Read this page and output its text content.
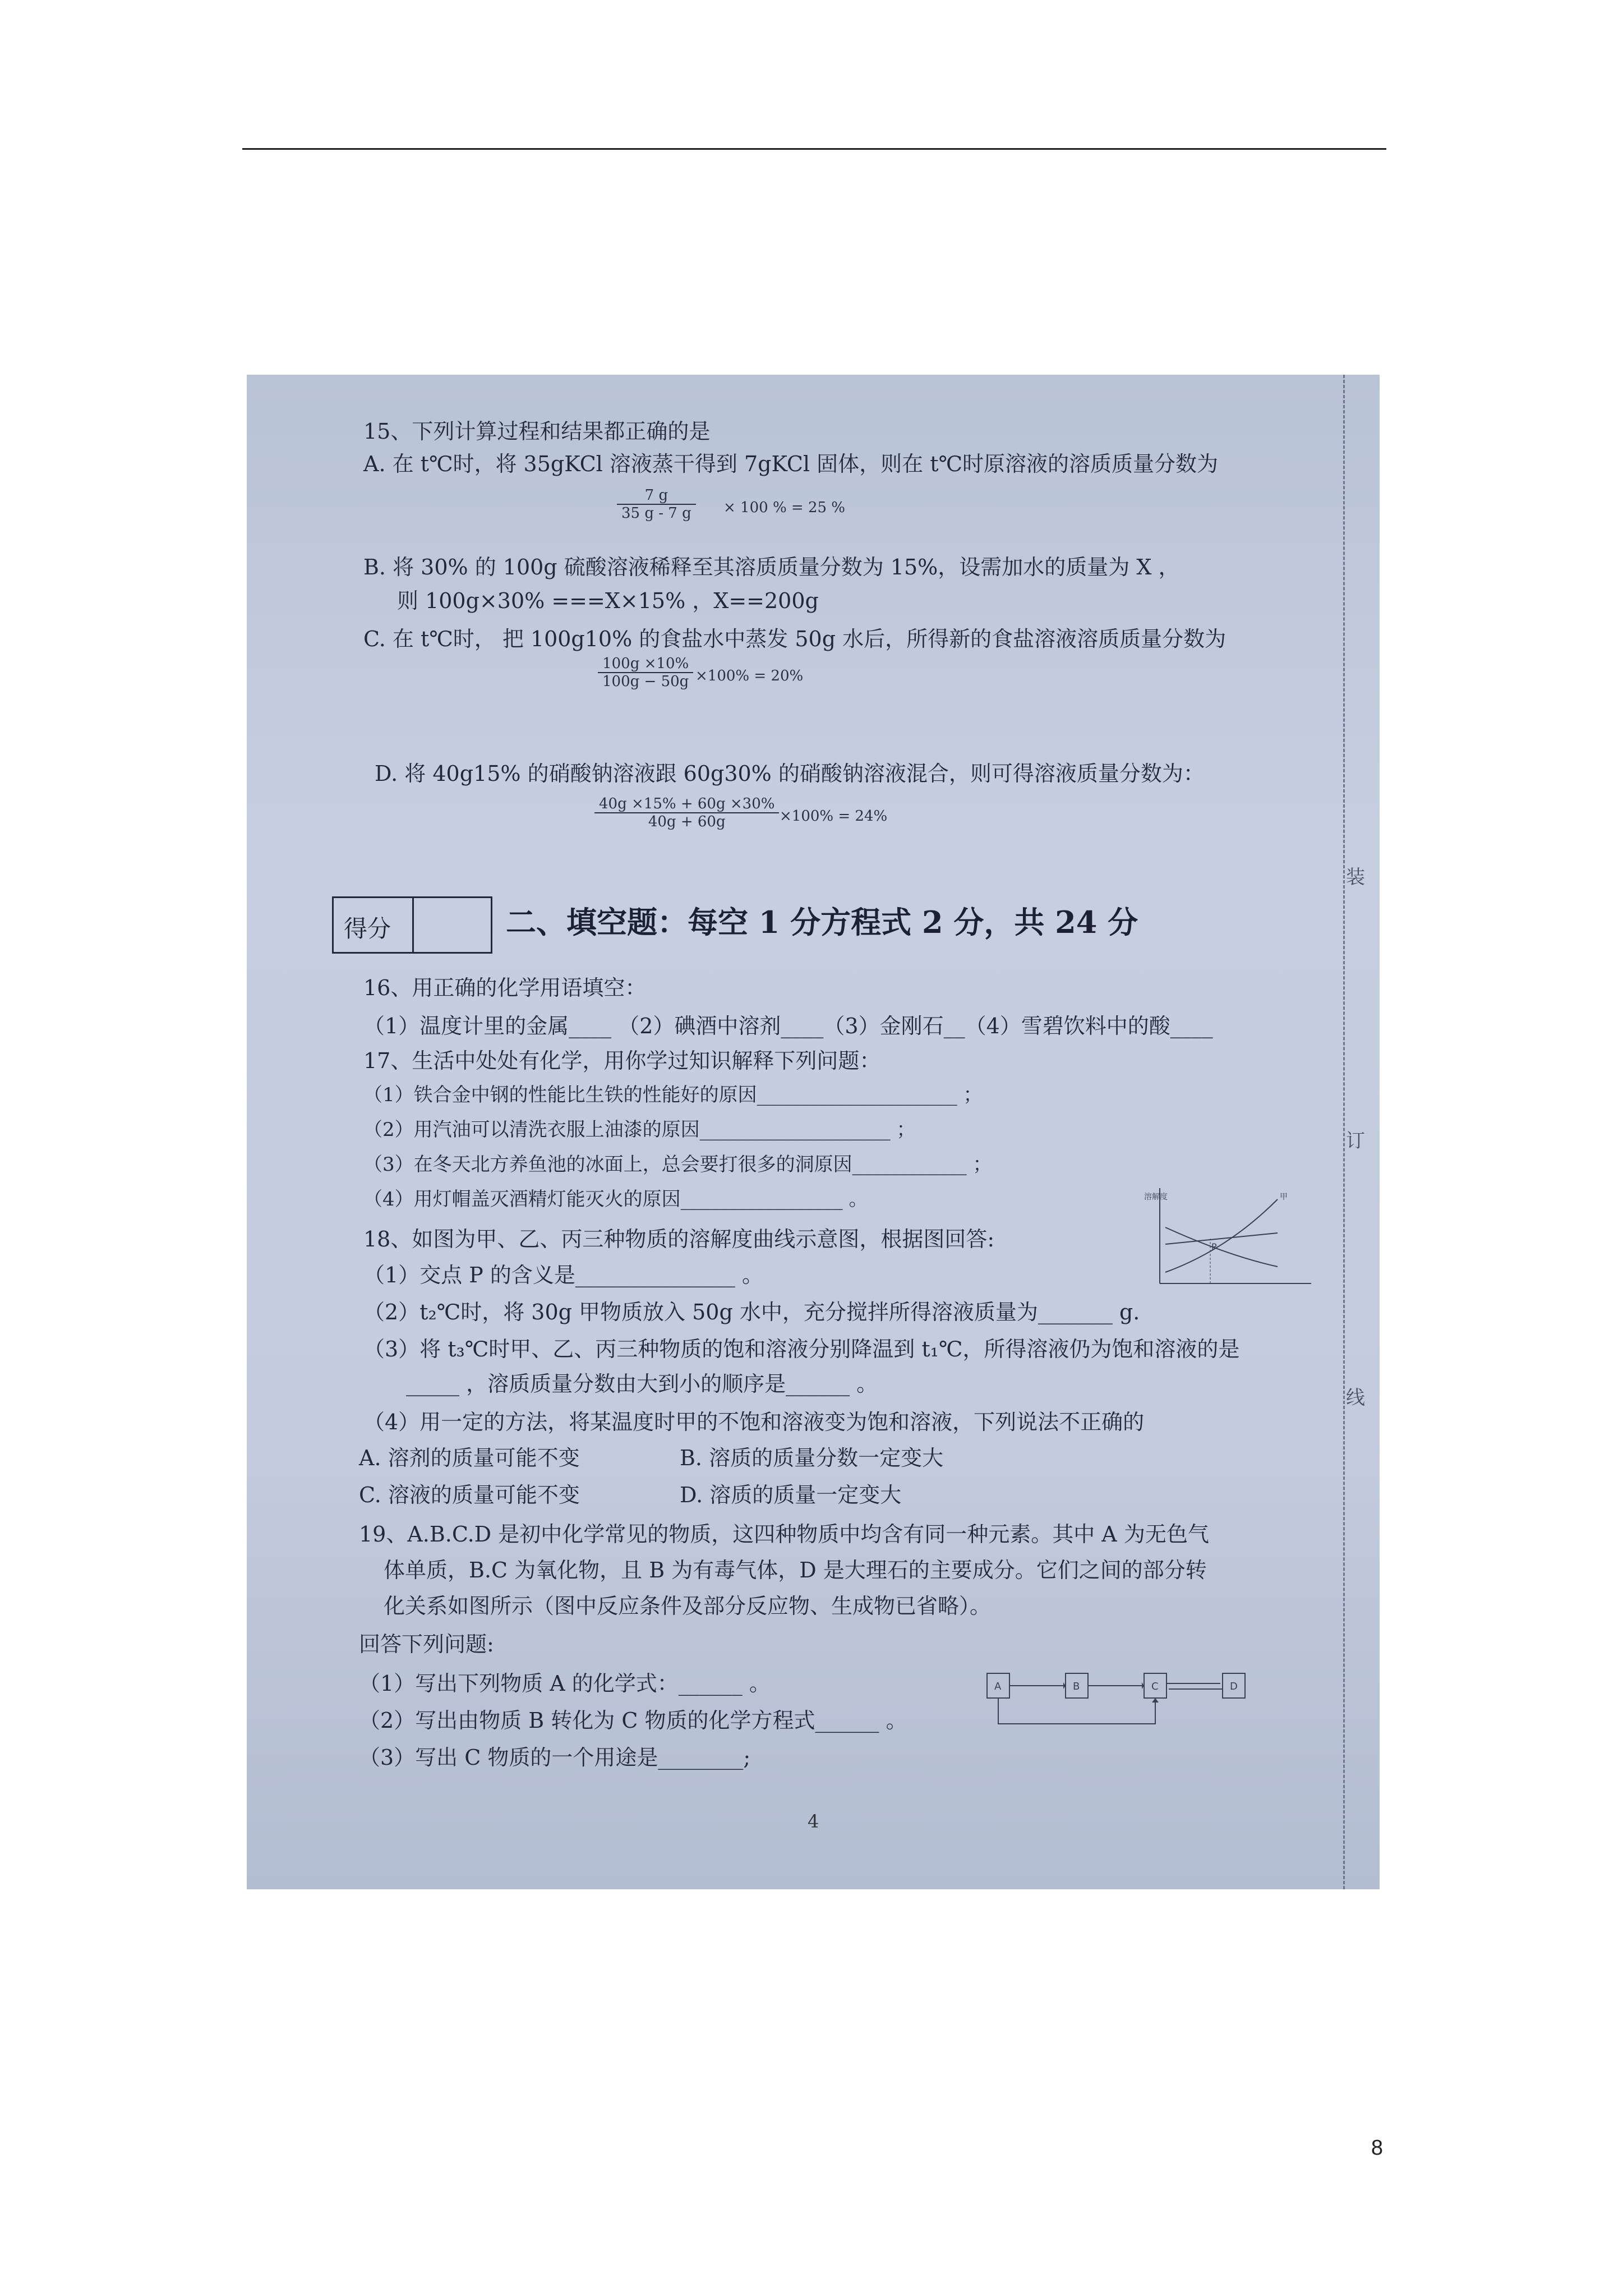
装
订
线
15、下列计算过程和结果都正确的是
A. 在 t℃时，将 35gKCl 溶液蒸干得到 7gKCl 固体，则在 t℃时原溶液的溶质质量分数为
$\frac{7 g}{35 g - 7 g} \times 100$ % = 25 %
B. 将 30% 的 100g 硫酸溶液稀释至其溶质质量分数为 15%，设需加水的质量为 X ，
则 100g×30% ===X×15% ，X==200g
C. 在 t℃时， 把 100g10% 的食盐水中蒸发 50g 水后，所得新的食盐溶液溶质质量分数为
$\frac{100g \times 10\%}{100g - 50g} \times 100\% = 20\%$
D. 将 40g15% 的硝酸钠溶液跟 60g30% 的硝酸钠溶液混合，则可得溶液质量分数为：
$\frac{40g \times 15\% + 60g \times 30\%}{40g + 60g} \times 100\% = 24\%$
得分	二、填空题：每空 1 分方程式 2 分，共 24 分
16、用正确的化学用语填空：
（1）温度计里的金属____ （2）碘酒中溶剂____（3）金刚石__（4）雪碧饮料中的酸____
17、生活中处处有化学，用你学过知识解释下列问题：
（1）铁合金中钢的性能比生铁的性能好的原因_____________________ ；
（2）用汽油可以清洗衣服上油漆的原因____________________ ；
（3）在冬天北方养鱼池的冰面上，总会要打很多的洞原因____________ ；
（4）用灯帽盖灭酒精灯能灭火的原因_________________ 。	溶解度
P
甲
18、如图为甲、乙、丙三种物质的溶解度曲线示意图，根据图回答:
（1）交点 P 的含义是_______________ 。
（2）t₂℃时，将 30g 甲物质放入 50g 水中，充分搅拌所得溶液质量为_______ g.
（3）将 t₃℃时甲、乙、丙三种物质的饱和溶液分别降温到 t₁℃，所得溶液仍为饱和溶液的是
_____ ，溶质质量分数由大到小的顺序是______ 。
（4）用一定的方法，将某温度时甲的不饱和溶液变为饱和溶液，下列说法不正确的
A. 溶剂的质量可能不变	B. 溶质的质量分数一定变大
C. 溶液的质量可能不变	D. 溶质的质量一定变大
19、A.B.C.D 是初中化学常见的物质，这四种物质中均含有同一种元素。其中 A 为无色气
体单质，B.C 为氧化物，且 B 为有毒气体，D 是大理石的主要成分。它们之间的部分转
化关系如图所示（图中反应条件及部分反应物、生成物已省略）。
回答下列问题:
A	B	C	D
（1）写出下列物质 A 的化学式：______ 。
（2）写出由物质 B 转化为 C 物质的化学方程式______ 。
（3）写出 C 物质的一个用途是________;
4
8
